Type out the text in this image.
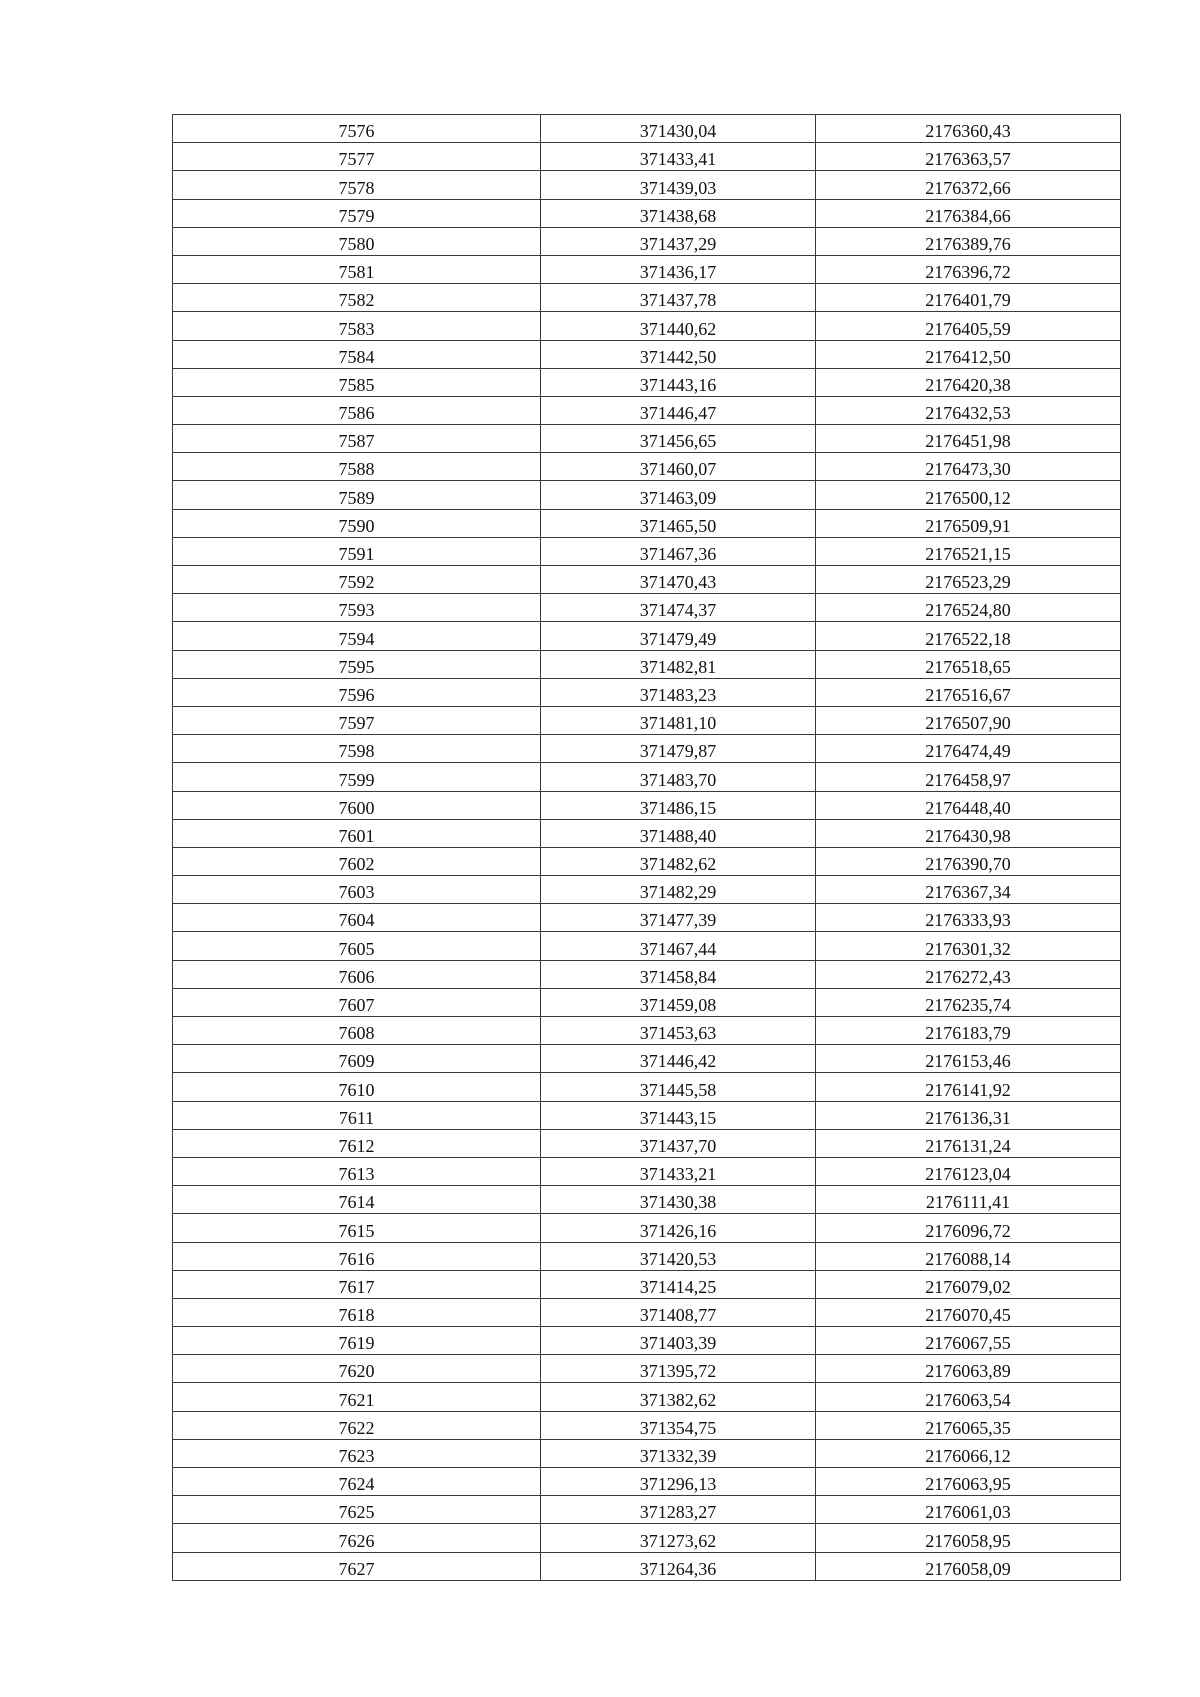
7576	371430,04	2176360,43
7577	371433,41	2176363,57
7578	371439,03	2176372,66
7579	371438,68	2176384,66
7580	371437,29	2176389,76
7581	371436,17	2176396,72
7582	371437,78	2176401,79
7583	371440,62	2176405,59
7584	371442,50	2176412,50
7585	371443,16	2176420,38
7586	371446,47	2176432,53
7587	371456,65	2176451,98
7588	371460,07	2176473,30
7589	371463,09	2176500,12
7590	371465,50	2176509,91
7591	371467,36	2176521,15
7592	371470,43	2176523,29
7593	371474,37	2176524,80
7594	371479,49	2176522,18
7595	371482,81	2176518,65
7596	371483,23	2176516,67
7597	371481,10	2176507,90
7598	371479,87	2176474,49
7599	371483,70	2176458,97
7600	371486,15	2176448,40
7601	371488,40	2176430,98
7602	371482,62	2176390,70
7603	371482,29	2176367,34
7604	371477,39	2176333,93
7605	371467,44	2176301,32
7606	371458,84	2176272,43
7607	371459,08	2176235,74
7608	371453,63	2176183,79
7609	371446,42	2176153,46
7610	371445,58	2176141,92
7611	371443,15	2176136,31
7612	371437,70	2176131,24
7613	371433,21	2176123,04
7614	371430,38	2176111,41
7615	371426,16	2176096,72
7616	371420,53	2176088,14
7617	371414,25	2176079,02
7618	371408,77	2176070,45
7619	371403,39	2176067,55
7620	371395,72	2176063,89
7621	371382,62	2176063,54
7622	371354,75	2176065,35
7623	371332,39	2176066,12
7624	371296,13	2176063,95
7625	371283,27	2176061,03
7626	371273,62	2176058,95
7627	371264,36	2176058,09
